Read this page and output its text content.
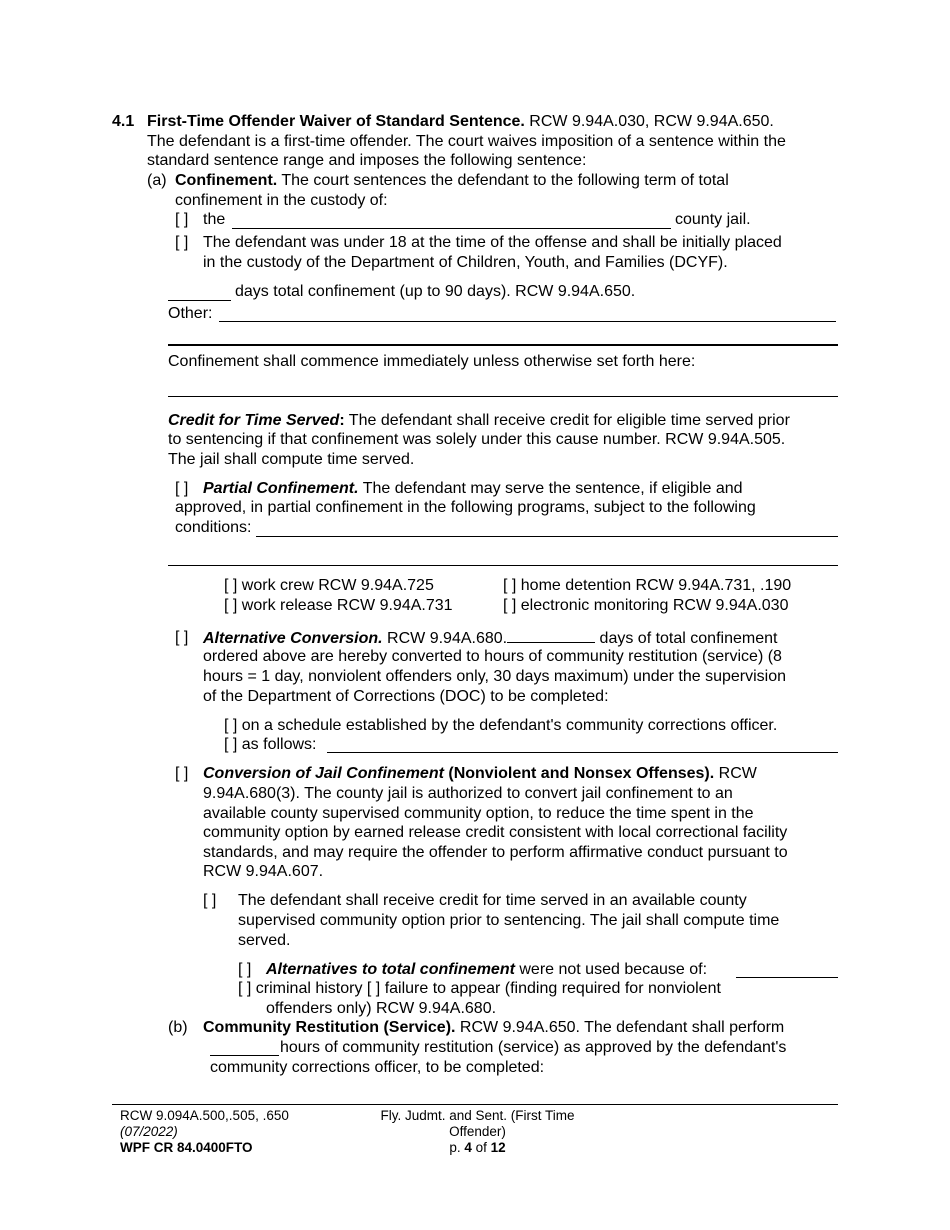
4.1 First-Time Offender Waiver of Standard Sentence. RCW 9.94A.030, RCW 9.94A.650.
The defendant is a first-time offender. The court waives imposition of a sentence within the
standard sentence range and imposes the following sentence:
(a) Confinement. The court sentences the defendant to the following term of total
confinement in the custody of:
[ ] the	county jail.
[ ] The defendant was under 18 at the time of the offense and shall be initially placed
in the custody of the Department of Children, Youth, and Families (DCYF).
days total confinement (up to 90 days). RCW 9.94A.650.
Other:
Confinement shall commence immediately unless otherwise set forth here:
Credit for Time Served: The defendant shall receive credit for eligible time served prior
to sentencing if that confinement was solely under this cause number. RCW 9.94A.505.
The jail shall compute time served.
[ ] Partial Confinement. The defendant may serve the sentence, if eligible and
approved, in partial confinement in the following programs, subject to the following
conditions:
[ ] work crew RCW 9.94A.725	[ ] home detention RCW 9.94A.731, .190
[ ] work release RCW 9.94A.731	[ ] electronic monitoring RCW 9.94A.030
[ ] Alternative Conversion. RCW 9.94A.680.	days of total confinement
ordered above are hereby converted to hours of community restitution (service) (8
hours = 1 day, nonviolent offenders only, 30 days maximum) under the supervision
of the Department of Corrections (DOC) to be completed:
[ ] on a schedule established by the defendant's community corrections officer.
[ ] as follows:
[ ] Conversion of Jail Confinement (Nonviolent and Nonsex Offenses). RCW
9.94A.680(3). The county jail is authorized to convert jail confinement to an
available county supervised community option, to reduce the time spent in the
community option by earned release credit consistent with local correctional facility
standards, and may require the offender to perform affirmative conduct pursuant to
RCW 9.94A.607.
[ ] The defendant shall receive credit for time served in an available county
supervised community option prior to sentencing. The jail shall compute time
served.
[ ] Alternatives to total confinement were not used because of:
[ ] criminal history [ ] failure to appear (finding required for nonviolent
offenders only) RCW 9.94A.680.
(b) Community Restitution (Service). RCW 9.94A.650. The defendant shall perform
hours of community restitution (service) as approved by the defendant's
community corrections officer, to be completed:
RCW 9.094A.500,.505, .650
(07/2022)
WPF CR 84.0400FTO
Fly. Judmt. and Sent. (First Time
Offender)
p. 4 of 12
